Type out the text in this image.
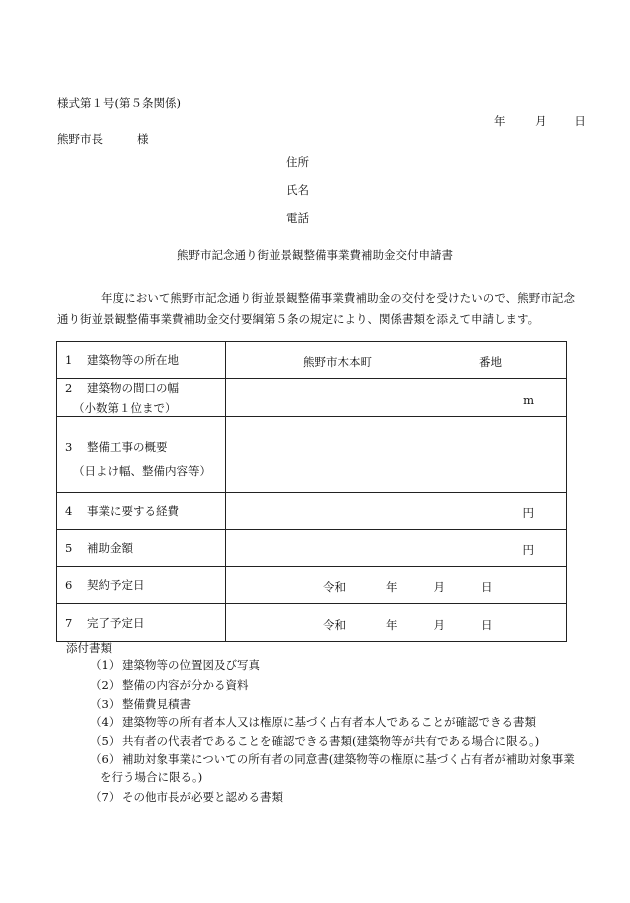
様式第１号(第５条関係)
年	月 日
熊野市長	様
住所
氏名
電話
熊野市記念通り街並景観整備事業費補助金交付申請書
年度において熊野市記念通り街並景観整備事業費補助金の交付を受けたいので、熊野市記念通り街並景観整備事業費補助金交付要綱第５条の規定により、関係書類を添えて申請します。
1 建築物等の所在地	熊野市木本町 番地

2 建築物の間口の幅
（小数第１位まで）	m

3 整備工事の概要
（日よけ幅、整備内容等）	

4 事業に要する経費	円

5 補助金額	円

6 契約予定日	令和 年 月 日

7 完了予定日	令和 年 月 日
添付書類
（1） 建築物等の位置図及び写真
（2） 整備の内容が分かる資料
（3） 整備費見積書
（4） 建築物等の所有者本人又は権原に基づく占有者本人であることが確認できる書類
（5） 共有者の代表者であることを確認できる書類(建築物等が共有である場合に限る。)
（6） 補助対象事業についての所有者の同意書(建築物等の権原に基づく占有者が補助対象事業
を行う場合に限る。)
（7） その他市長が必要と認める書類
